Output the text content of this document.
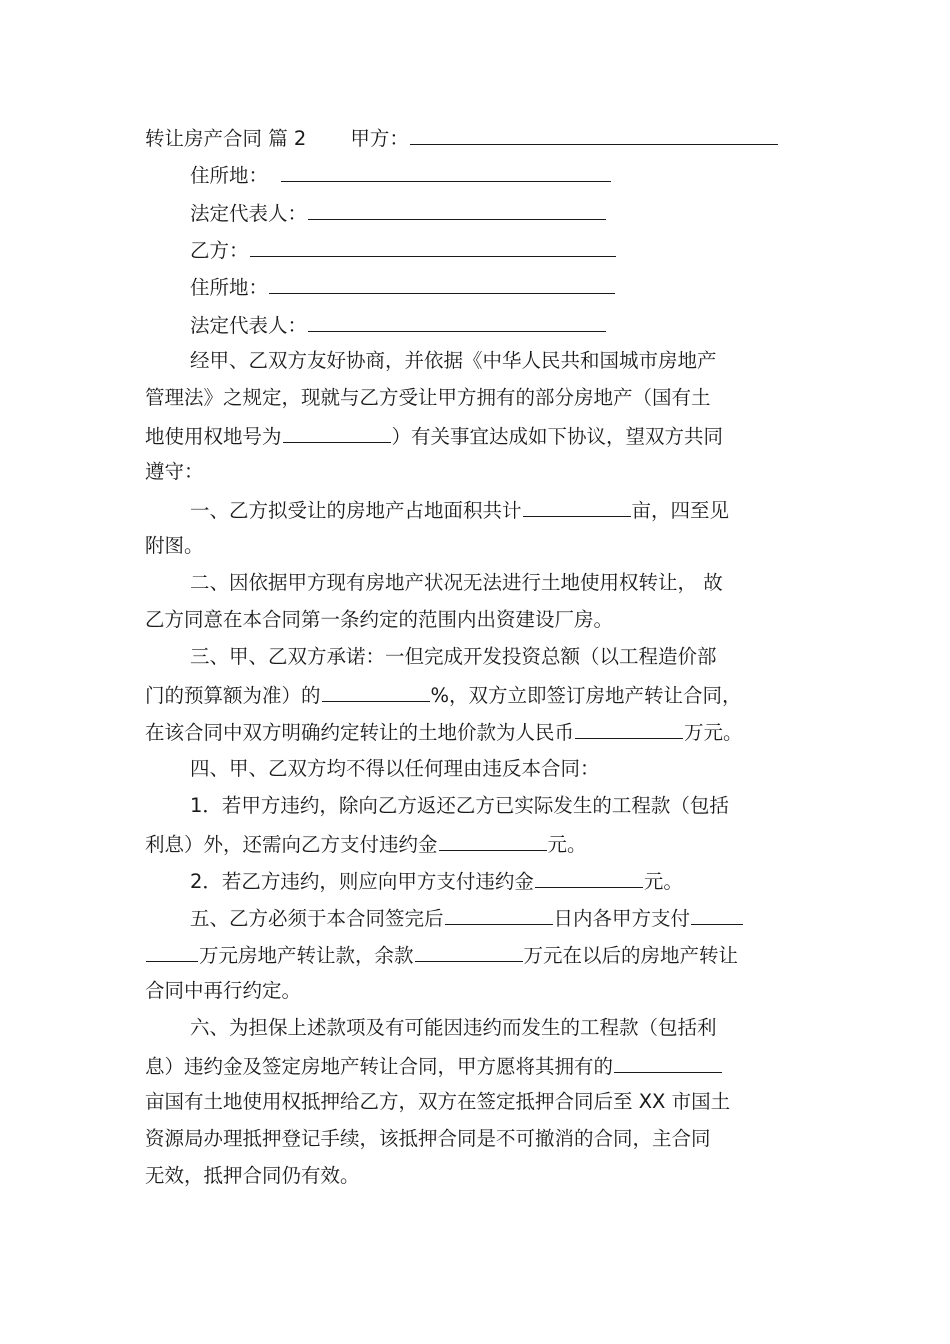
转让房产合同 篇 2 甲方：
住所地：
法定代表人：
乙方：
住所地：
法定代表人：
经甲、乙双方友好协商，并依据《中华人民共和国城市房地产
管理法》之规定，现就与乙方受让甲方拥有的部分房地产（国有土
地使用权地号为	）有关事宜达成如下协议，望双方共同
遵守：
一、乙方拟受让的房地产占地面积共计	亩，四至见
附图。
二、因依据甲方现有房地产状况无法进行土地使用权转让， 故
乙方同意在本合同第一条约定的范围内出资建设厂房。
三、甲、乙双方承诺：一但完成开发投资总额（以工程造价部
门的预算额为准）的	%，双方立即签订房地产转让合同，
在该合同中双方明确约定转让的土地价款为人民币	万元。
四、甲、乙双方均不得以任何理由违反本合同：
1．若甲方违约，除向乙方返还乙方已实际发生的工程款（包括
利息）外，还需向乙方支付违约金	元。
2．若乙方违约，则应向甲方支付违约金	元。
五、乙方必须于本合同签完后	日内各甲方支付
万元房地产转让款，余款	万元在以后的房地产转让
合同中再行约定。
六、为担保上述款项及有可能因违约而发生的工程款（包括利
息）违约金及签定房地产转让合同，甲方愿将其拥有的
亩国有土地使用权抵押给乙方，双方在签定抵押合同后至 XX 市国土
资源局办理抵押登记手续，该抵押合同是不可撤消的合同，主合同
无效，抵押合同仍有效。
